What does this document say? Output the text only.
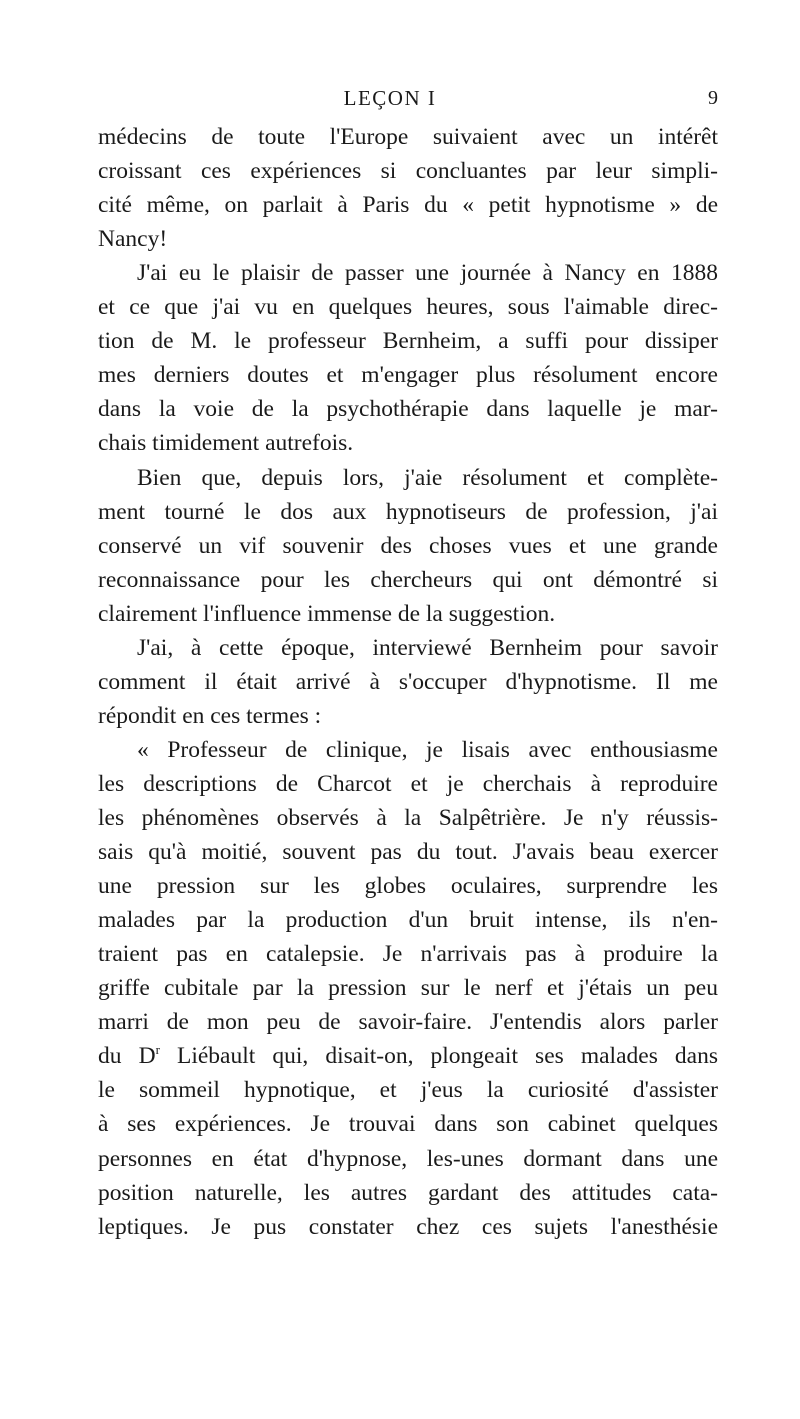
LEÇON I	9
médecins de toute l'Europe suivaient avec un intérêt
croissant ces expériences si concluantes par leur simpli-
cité même, on parlait à Paris du « petit hypnotisme » de
Nancy!
J'ai eu le plaisir de passer une journée à Nancy en 1888
et ce que j'ai vu en quelques heures, sous l'aimable direc-
tion de M. le professeur Bernheim, a suffi pour dissiper
mes derniers doutes et m'engager plus résolument encore
dans la voie de la psychothérapie dans laquelle je mar-
chais timidement autrefois.
Bien que, depuis lors, j'aie résolument et complète-
ment tourné le dos aux hypnotiseurs de profession, j'ai
conservé un vif souvenir des choses vues et une grande
reconnaissance pour les chercheurs qui ont démontré si
clairement l'influence immense de la suggestion.
J'ai, à cette époque, interviewé Bernheim pour savoir
comment il était arrivé à s'occuper d'hypnotisme. Il me
répondit en ces termes :
« Professeur de clinique, je lisais avec enthousiasme
les descriptions de Charcot et je cherchais à reproduire
les phénomènes observés à la Salpêtrière. Je n'y réussis-
sais qu'à moitié, souvent pas du tout. J'avais beau exercer
une pression sur les globes oculaires, surprendre les
malades par la production d'un bruit intense, ils n'en-
traient pas en catalepsie. Je n'arrivais pas à produire la
griffe cubitale par la pression sur le nerf et j'étais un peu
marri de mon peu de savoir-faire. J'entendis alors parler
du $D^r$ Liébault qui, disait-on, plongeait ses malades dans
le sommeil hypnotique, et j'eus la curiosité d'assister
à ses expériences. Je trouvai dans son cabinet quelques
personnes en état d'hypnose, les-unes dormant dans une
position naturelle, les autres gardant des attitudes cata-
leptiques. Je pus constater chez ces sujets l'anesthésie
